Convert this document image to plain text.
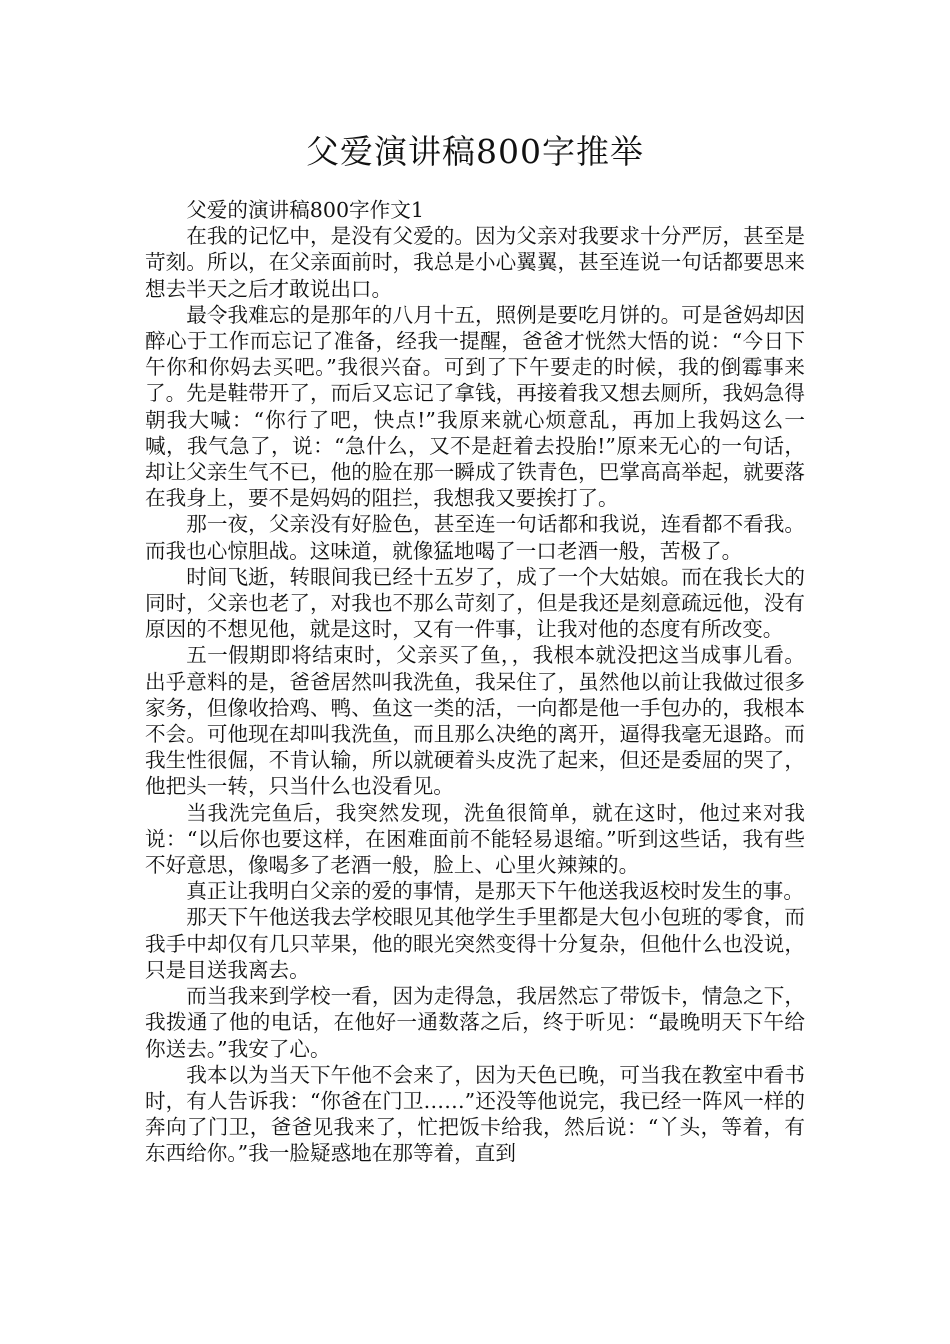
父爱演讲稿800字推举

父爱的演讲稿800字作文1

在我的记忆中，是没有父爱的。因为父亲对我要求十分严厉，甚至是苛刻。所以，在父亲面前时，我总是小心翼翼，甚至连说一句话都要思来想去半天之后才敢说出口。

最令我难忘的是那年的八月十五，照例是要吃月饼的。可是爸妈却因醉心于工作而忘记了准备，经我一提醒，爸爸才恍然大悟的说：“今日下午你和你妈去买吧。”我很兴奋。可到了下午要走的时候，我的倒霉事来了。先是鞋带开了，而后又忘记了拿钱，再接着我又想去厕所，我妈急得朝我大喊：“你行了吧，快点!”我原来就心烦意乱，再加上我妈这么一喊，我气急了，说：“急什么，又不是赶着去投胎!”原来无心的一句话，却让父亲生气不已，他的脸在那一瞬成了铁青色，巴掌高高举起，就要落在我身上，要不是妈妈的阻拦，我想我又要挨打了。

那一夜，父亲没有好脸色，甚至连一句话都和我说，连看都不看我。而我也心惊胆战。这味道，就像猛地喝了一口老酒一般，苦极了。

时间飞逝，转眼间我已经十五岁了，成了一个大姑娘。而在我长大的同时，父亲也老了，对我也不那么苛刻了，但是我还是刻意疏远他，没有原因的不想见他，就是这时，又有一件事，让我对他的态度有所改变。

五一假期即将结束时，父亲买了鱼，，我根本就没把这当成事儿看。出乎意料的是，爸爸居然叫我洗鱼，我呆住了，虽然他以前让我做过很多家务，但像收拾鸡、鸭、鱼这一类的活，一向都是他一手包办的，我根本不会。可他现在却叫我洗鱼，而且那么决绝的离开，逼得我毫无退路。而我生性很倔，不肯认输，所以就硬着头皮洗了起来，但还是委屈的哭了，他把头一转，只当什么也没看见。

当我洗完鱼后，我突然发现，洗鱼很简单，就在这时，他过来对我说：“以后你也要这样，在困难面前不能轻易退缩。”听到这些话，我有些不好意思，像喝多了老酒一般，脸上、心里火辣辣的。

真正让我明白父亲的爱的事情，是那天下午他送我返校时发生的事。

那天下午他送我去学校眼见其他学生手里都是大包小包班的零食，而我手中却仅有几只苹果，他的眼光突然变得十分复杂，但他什么也没说，只是目送我离去。

而当我来到学校一看，因为走得急，我居然忘了带饭卡，情急之下，我拨通了他的电话，在他好一通数落之后，终于听见：“最晚明天下午给你送去。”我安了心。

我本以为当天下午他不会来了，因为天色已晚，可当我在教室中看书时，有人告诉我：“你爸在门卫……”还没等他说完，我已经一阵风一样的奔向了门卫，爸爸见我来了，忙把饭卡给我，然后说：“丫头，等着，有东西给你。”我一脸疑惑地在那等着，直到
